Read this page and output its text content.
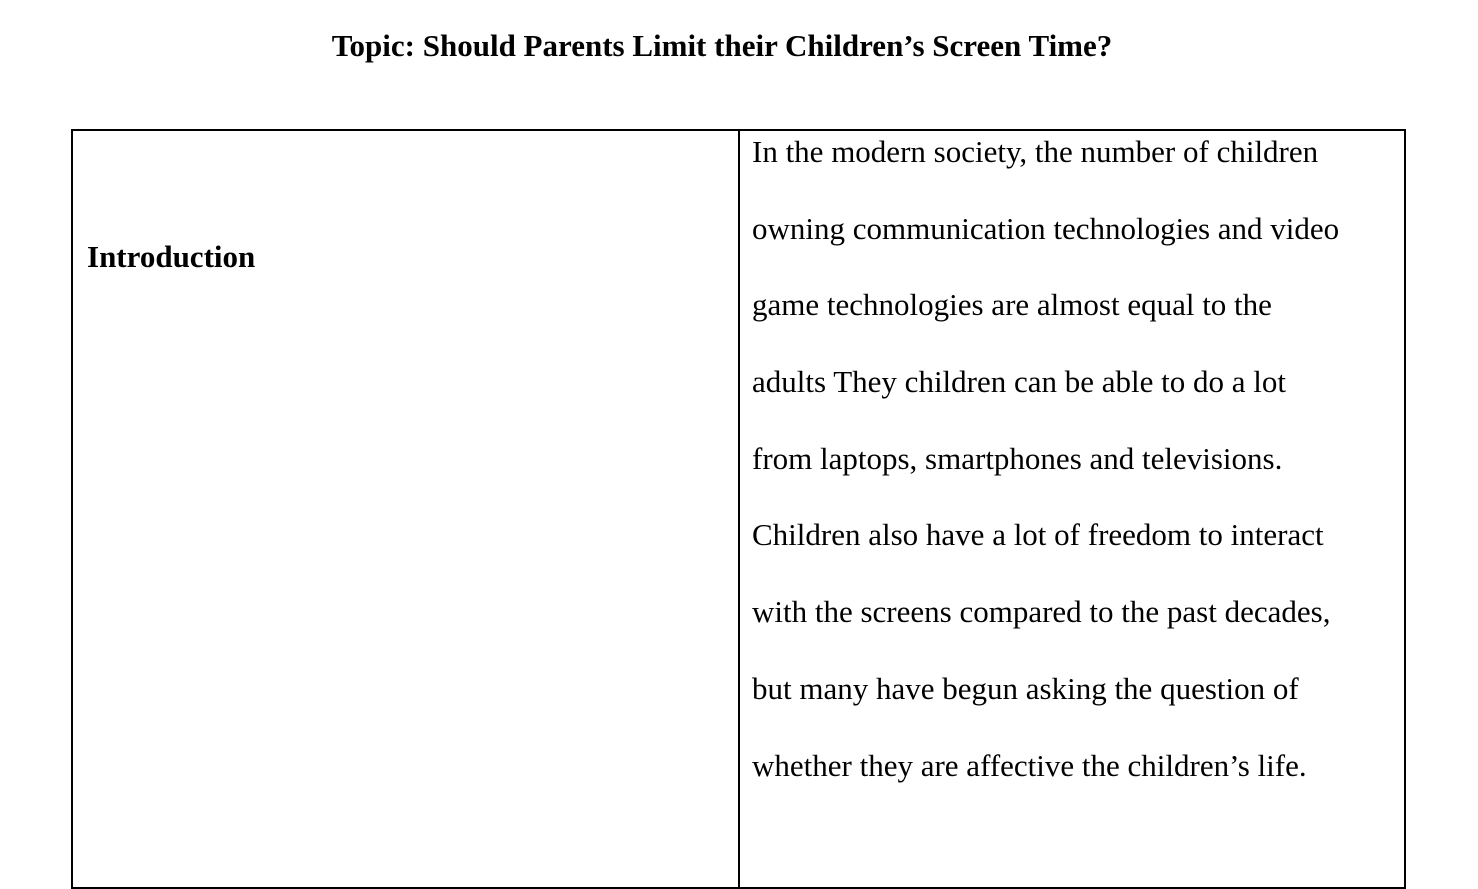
Topic: Should Parents Limit their Children’s Screen Time?
Introduction
In the modern society, the number of children
owning communication technologies and video
game technologies are almost equal to the
adults They children can be able to do a lot
from laptops, smartphones and televisions.
Children also have a lot of freedom to interact
with the screens compared to the past decades,
but many have begun asking the question of
whether they are affective the children’s life.
